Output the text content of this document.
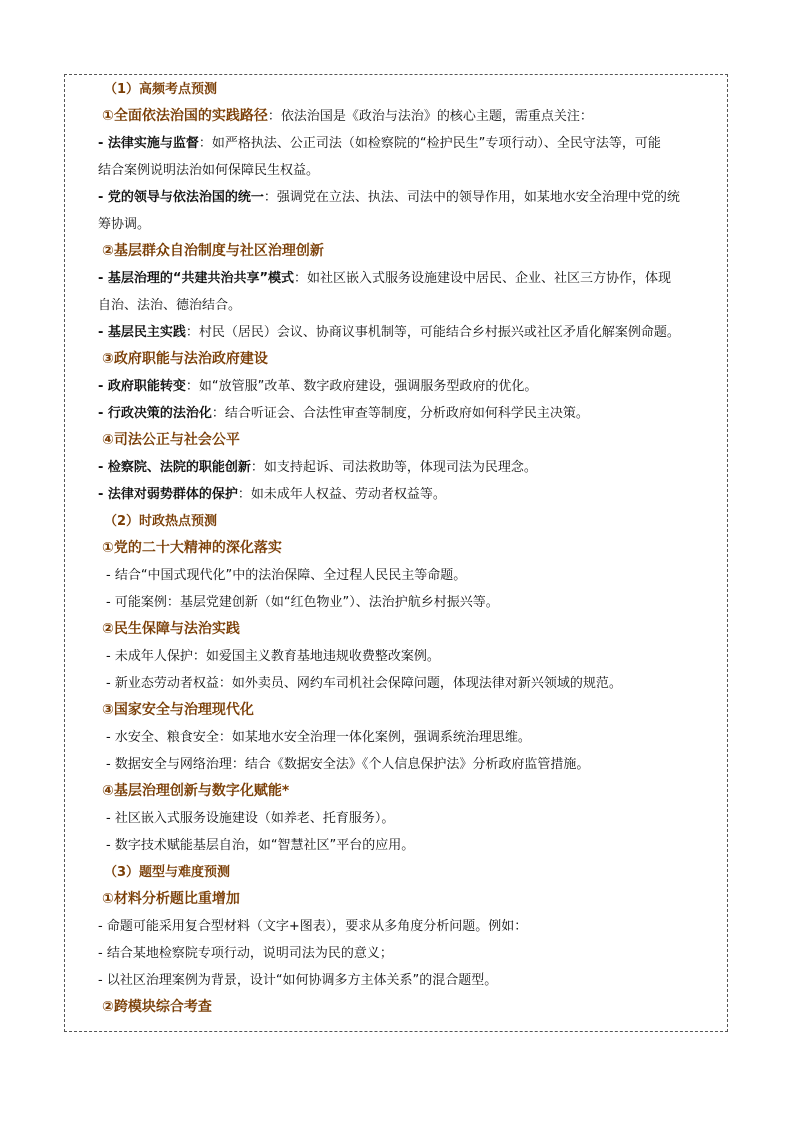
（1）高频考点预测
①全面依法治国的实践路径：依法治国是《政治与法治》的核心主题，需重点关注：
- 法律实施与监督：如严格执法、公正司法（如检察院的“检护民生”专项行动）、全民守法等，可能
结合案例说明法治如何保障民生权益。
- 党的领导与依法治国的统一：强调党在立法、执法、司法中的领导作用，如某地水安全治理中党的统
筹协调。
②基层群众自治制度与社区治理创新
- 基层治理的“共建共治共享”模式：如社区嵌入式服务设施建设中居民、企业、社区三方协作，体现
自治、法治、德治结合。
- 基层民主实践：村民（居民）会议、协商议事机制等，可能结合乡村振兴或社区矛盾化解案例命题。
③政府职能与法治政府建设
- 政府职能转变：如“放管服”改革、数字政府建设，强调服务型政府的优化。
- 行政决策的法治化：结合听证会、合法性审查等制度，分析政府如何科学民主决策。
④司法公正与社会公平
- 检察院、法院的职能创新：如支持起诉、司法救助等，体现司法为民理念。
- 法律对弱势群体的保护：如未成年人权益、劳动者权益等。
（2）时政热点预测
①党的二十大精神的深化落实
- 结合“中国式现代化”中的法治保障、全过程人民民主等命题。
- 可能案例：基层党建创新（如“红色物业”）、法治护航乡村振兴等。
②民生保障与法治实践
- 未成年人保护：如爱国主义教育基地违规收费整改案例。
- 新业态劳动者权益：如外卖员、网约车司机社会保障问题，体现法律对新兴领域的规范。
③国家安全与治理现代化
- 水安全、粮食安全：如某地水安全治理一体化案例，强调系统治理思维。
- 数据安全与网络治理：结合《数据安全法》《个人信息保护法》分析政府监管措施。
④基层治理创新与数字化赋能*
- 社区嵌入式服务设施建设（如养老、托育服务）。
- 数字技术赋能基层自治，如“智慧社区”平台的应用。
（3）题型与难度预测
①材料分析题比重增加
- 命题可能采用复合型材料（文字+图表），要求从多角度分析问题。例如：
- 结合某地检察院专项行动，说明司法为民的意义；
- 以社区治理案例为背景，设计“如何协调多方主体关系”的混合题型。
②跨模块综合考查
